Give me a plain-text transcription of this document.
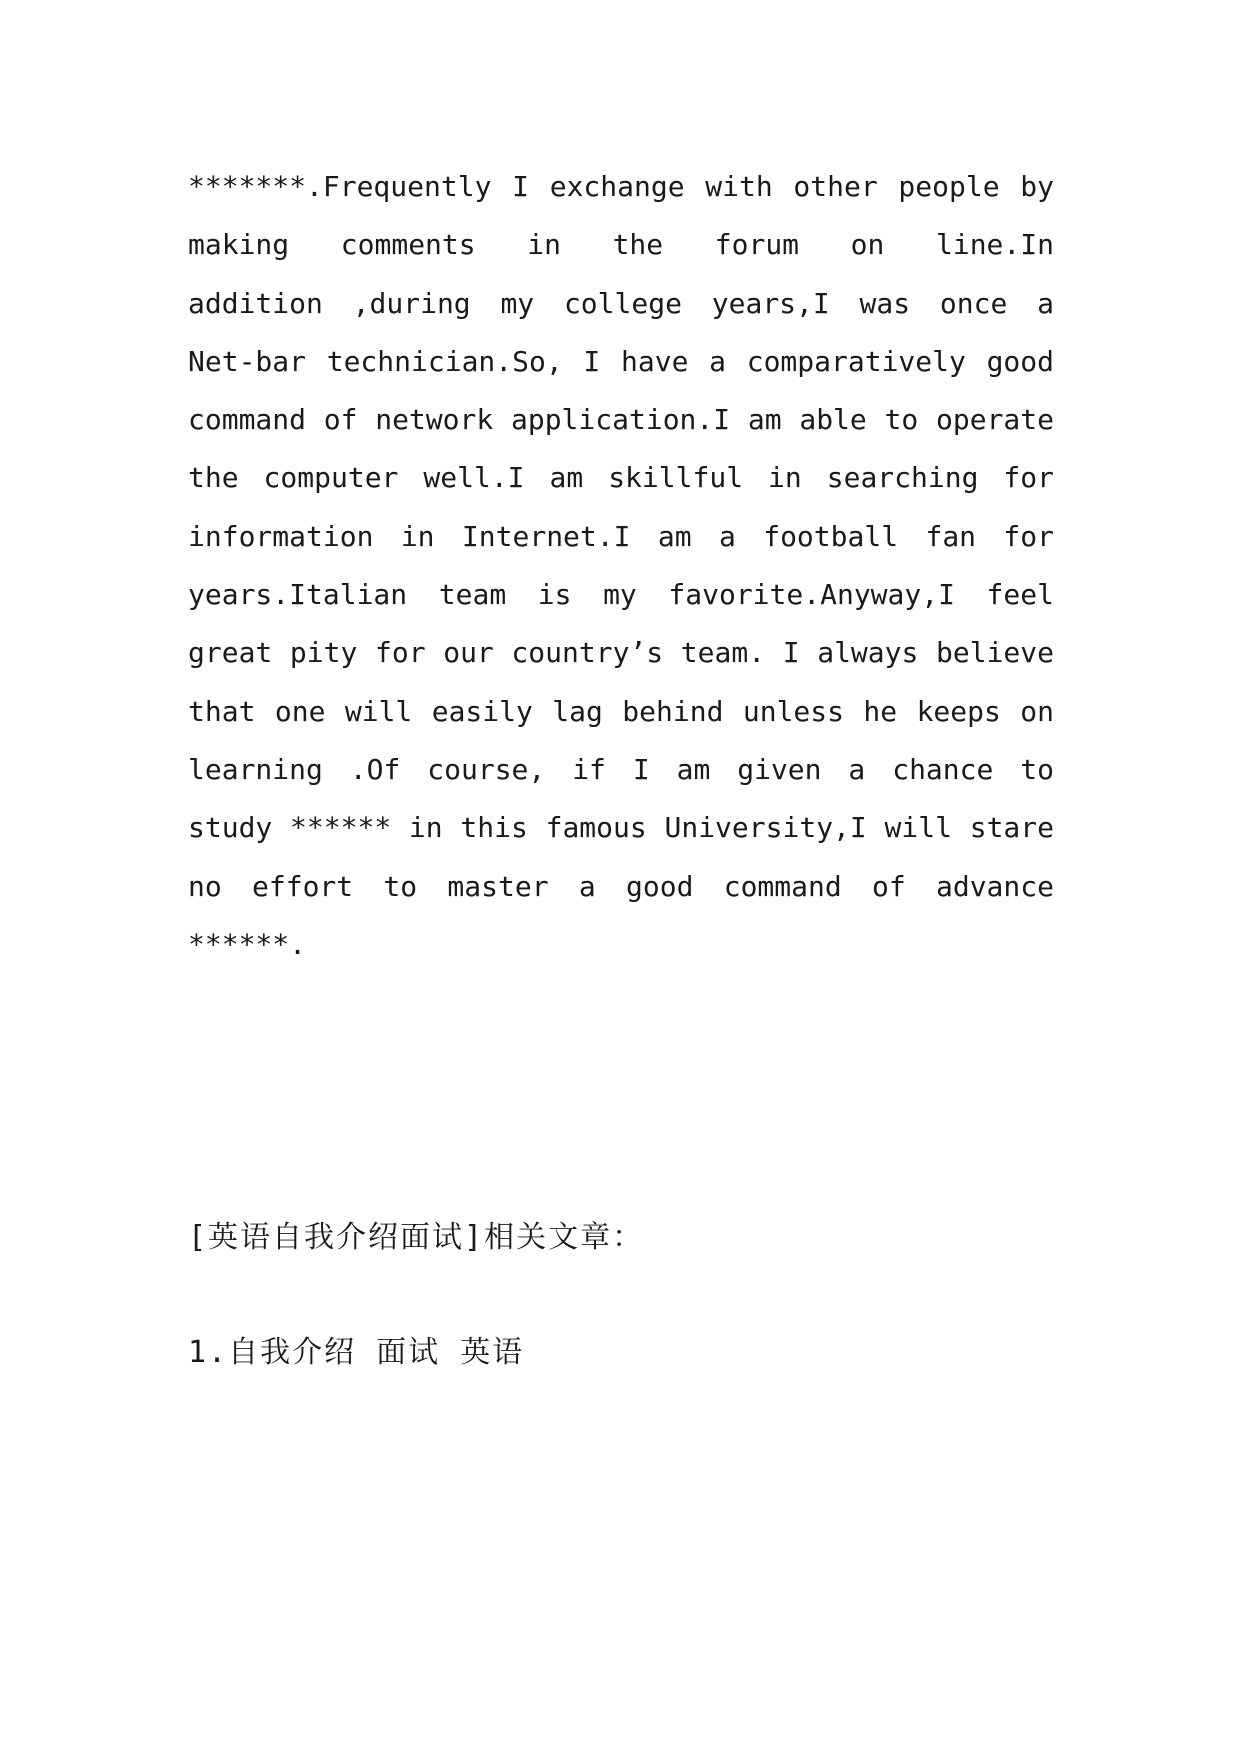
*******.Frequently I exchange with other people by
making comments in the forum on line.In
addition ,during my college years,I was once a
Net-bar technician.So, I have a comparatively good
command of network application.I am able to operate
the computer well.I am skillful in searching for
information in Internet.I am a football fan for
years.Italian team is my favorite.Anyway,I feel
great pity for our country’s team. I always believe
that one will easily lag behind unless he keeps on
learning .Of course, if I am given a chance to
study ****** in this famous University,I will stare
no effort to master a good command of advance
******.
[英语自我介绍面试]相关文章：
1.自我介绍 面试 英语
